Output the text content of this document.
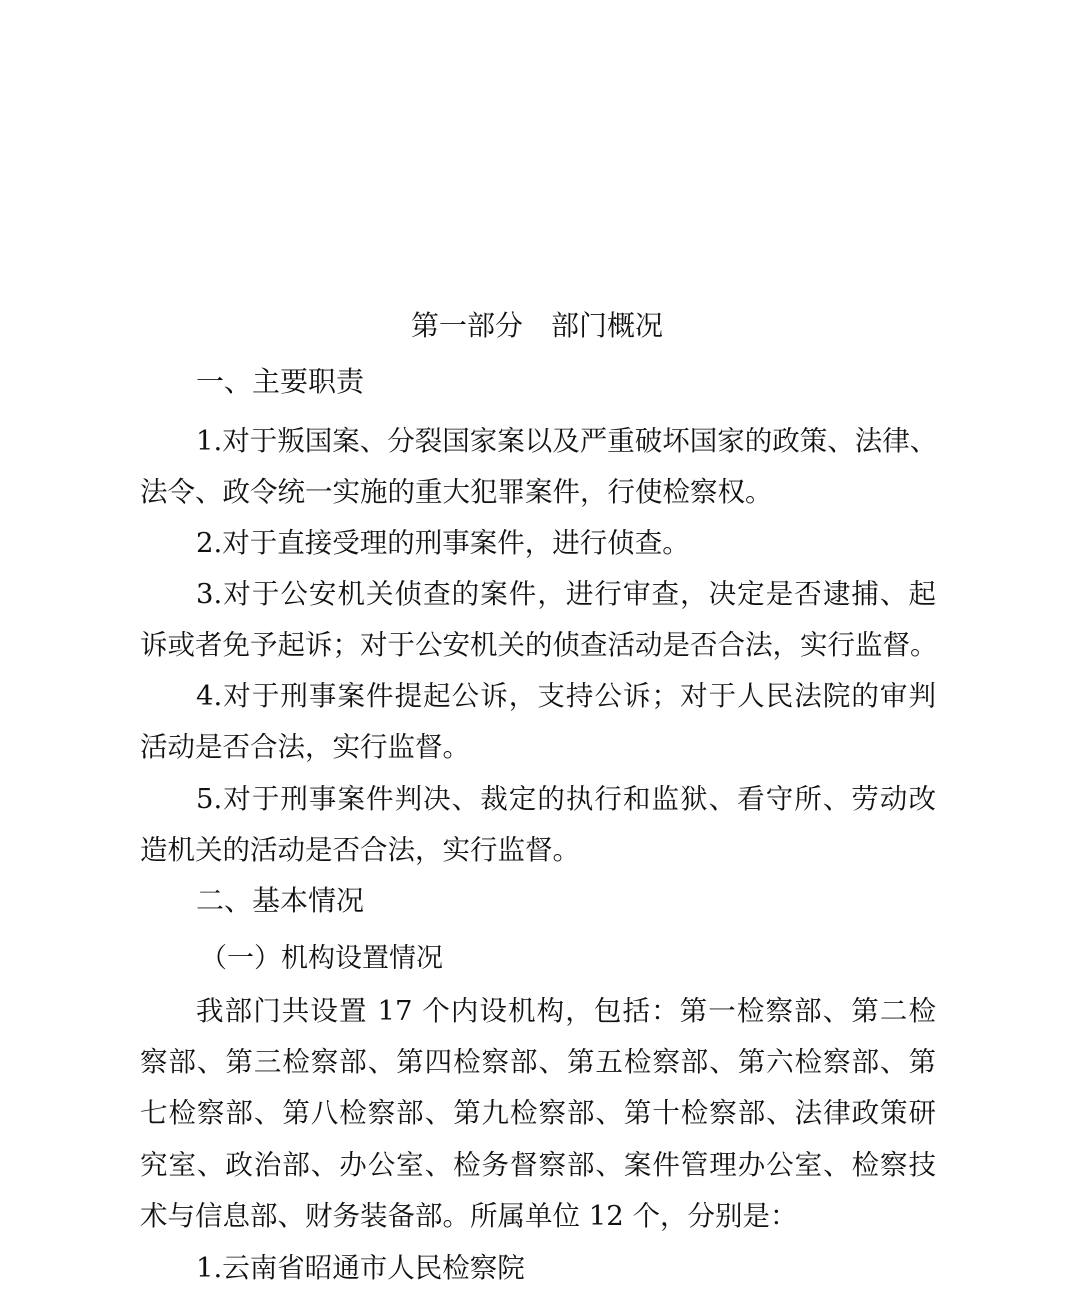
第一部分　部门概况
一、主要职责
1.对于叛国案、分裂国家案以及严重破坏国家的政策、法律、
法令、政令统一实施的重大犯罪案件，行使检察权。
2.对于直接受理的刑事案件，进行侦查。
3.对于公安机关侦查的案件，进行审查，决定是否逮捕、起
诉或者免予起诉；对于公安机关的侦查活动是否合法，实行监督。
4.对于刑事案件提起公诉，支持公诉；对于人民法院的审判
活动是否合法，实行监督。
5.对于刑事案件判决、裁定的执行和监狱、看守所、劳动改
造机关的活动是否合法，实行监督。
二、基本情况
（一）机构设置情况
我部门共设置 17 个内设机构，包括：第一检察部、第二检
察部、第三检察部、第四检察部、第五检察部、第六检察部、第
七检察部、第八检察部、第九检察部、第十检察部、法律政策研
究室、政治部、办公室、检务督察部、案件管理办公室、检察技
术与信息部、财务装备部。所属单位 12 个，分别是：
1.云南省昭通市人民检察院
